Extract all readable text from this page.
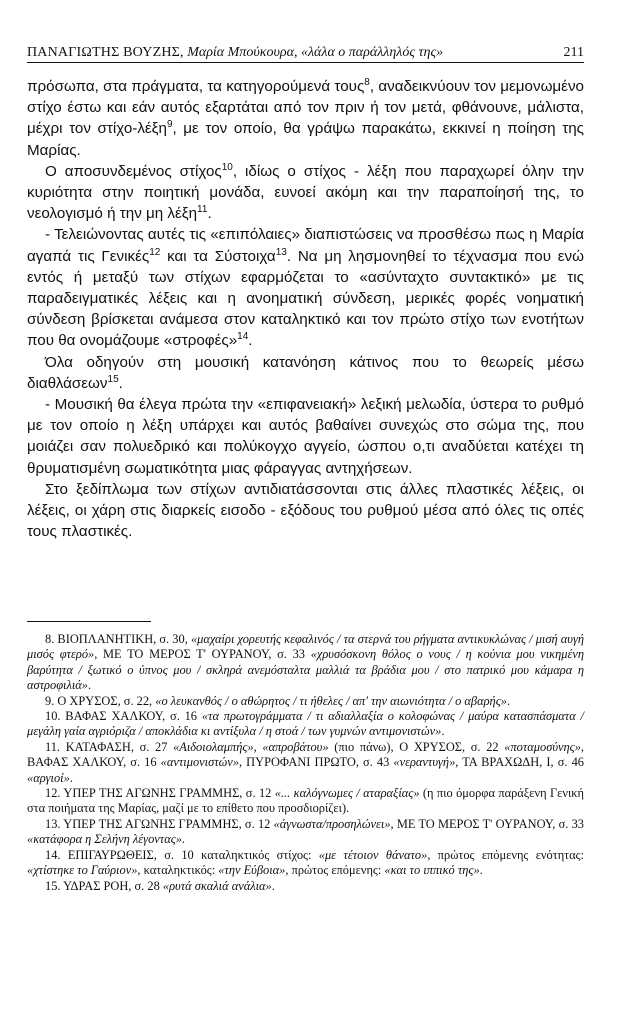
ΠΑΝΑΓΙΩΤΗΣ ΒΟΥΖΗΣ, Μαρία Μπούκουρα, «λάλα ο παράλληλός της»	211

πρόσωπα, στα πράγματα, τα κατηγορούμενά τους$^8$, αναδεικνύουν τον μεμονωμένο στίχο έστω και εάν αυτός εξαρτάται από τον πριν ή τον μετά, φθάνουνε, μάλιστα, μέχρι τον στίχο-λέξη$^9$, με τον οποίο, θα γράψω παρακάτω, εκκινεί η ποίηση της Μαρίας.

Ο αποσυνδεμένος στίχος$^{10}$, ιδίως ο στίχος - λέξη που παραχωρεί όλην την κυριότητα στην ποιητική μονάδα, ευνοεί ακόμη και την παραποίησή της, το νεολογισμό ή την μη λέξη$^{11}$.

- Τελειώνοντας αυτές τις «επιπόλαιες» διαπιστώσεις να προσθέσω πως η Μαρία αγαπά τις Γενικές$^{12}$ και τα Σύστοιχα$^{13}$. Να μη λησμονηθεί το τέχνασμα που ενώ εντός ή μεταξύ των στίχων εφαρμόζεται το «ασύνταχτο συντακτικό» με τις παραδειγματικές λέξεις και η ανοηματική σύνδεση, μερικές φορές νοηματική σύνδεση βρίσκεται ανάμεσα στον καταληκτικό και τον πρώτο στίχο των ενοτήτων που θα ονομάζουμε «στροφές»$^{14}$.

Όλα οδηγούν στη μουσική κατανόηση κάτινος που το θεωρείς μέσω διαθλάσεων$^{15}$.

- Μουσική θα έλεγα πρώτα την «επιφανειακή» λεξική μελωδία, ύστερα το ρυθμό με τον οποίο η λέξη υπάρχει και αυτός βαθαίνει συνεχώς στο σώμα της, που μοιάζει σαν πολυεδρικό και πολύκογχο αγγείο, ώσπου ο,τι αναδύεται κατέχει τη θρυματισμένη σωματικότητα μιας φάραγγας αντηχήσεων.

Στο ξεδίπλωμα των στίχων αντιδιατάσσονται στις άλλες πλαστικές λέξεις, οι λέξεις, οι χάρη στις διαρκείς εισοδο - εξόδους του ρυθμού μέσα από όλες τις οπές τους πλαστικές.

8. ΒΙΟΠΛΑΝΗΤΙΚΗ, σ. 30, «μαχαίρι χορευτής κεφαλινός / τα στερνά του ρήγματα αντικυκλώνας / μισή αυγή μισός φτερό», ΜΕ ΤΟ ΜΕΡΟΣ Τ' ΟΥΡΑΝΟΥ, σ. 33 «χρυσόσκονη θόλος ο νους / η κούνια μου νικημένη βαρύτητα / ξωτικό ο ύπνος μου / σκληρά ανεμόσταλτα μαλλιά τα βράδια μου / στο πατρικό μου κάμαρα η αστροφιλιά».

9. Ο ΧΡΥΣΟΣ, σ. 22, «ο λευκανθός / ο αθώρητος / τι ήθελες / απ' την αιωνιότητα / ο αβαρής».

10. ΒΑΦΑΣ ΧΑΛΚΟΥ, σ. 16 «τα πρωτογράμματα / τι αδιαλλαξία ο κολοφώνας / μαύρα κατασπάσματα / μεγάλη γαία αγριόριζα / αποκλάδια κι αντίξυλα / η στοά / των γυμνών αντιμονιστών».

11. ΚΑΤΑΦΑΣΗ, σ. 27 «Αιδοιολαμπής», «απροβάτου» (πιο πάνω), Ο ΧΡΥΣΟΣ, σ. 22 «ποταμοσύνης», ΒΑΦΑΣ ΧΑΛΚΟΥ, σ. 16 «αντιμονιστών», ΠΥΡΟΦΑΝΙ ΠΡΩΤΟ, σ. 43 «νεραντυγή», ΤΑ ΒΡΑΧΩΔΗ, Ι, σ. 46 «αργιοί».

12. ΥΠΕΡ ΤΗΣ ΑΓΩΝΗΣ ΓΡΑΜΜΗΣ, σ. 12 «... καλόγνωμες / αταραξίας» (η πιο όμορφα παράξενη Γενική στα ποιήματα της Μαρίας, μαζί με το επίθετο που προσδιορίζει).

13. ΥΠΕΡ ΤΗΣ ΑΓΩΝΗΣ ΓΡΑΜΜΗΣ, σ. 12 «άγνωστα/προσηλώνει», ΜΕ ΤΟ ΜΕΡΟΣ Τ' ΟΥΡΑΝΟΥ, σ. 33 «κατάφορα η Σελήνη λέγοντας».

14. ΕΠΙΓΑΥΡΩΘΕΙΣ, σ. 10 καταληκτικός στίχος: «με τέτοιον θάνατο», πρώτος επόμενης ενότητας: «χτίστηκε το Γαύριον», καταληκτικός: «την Εύβοια», πρώτος επόμενης: «και το ιππικό της».

15. ΥΔΡΑΣ ΡΟΗ, σ. 28 «ρυτά σκαλιά ανάλια».
